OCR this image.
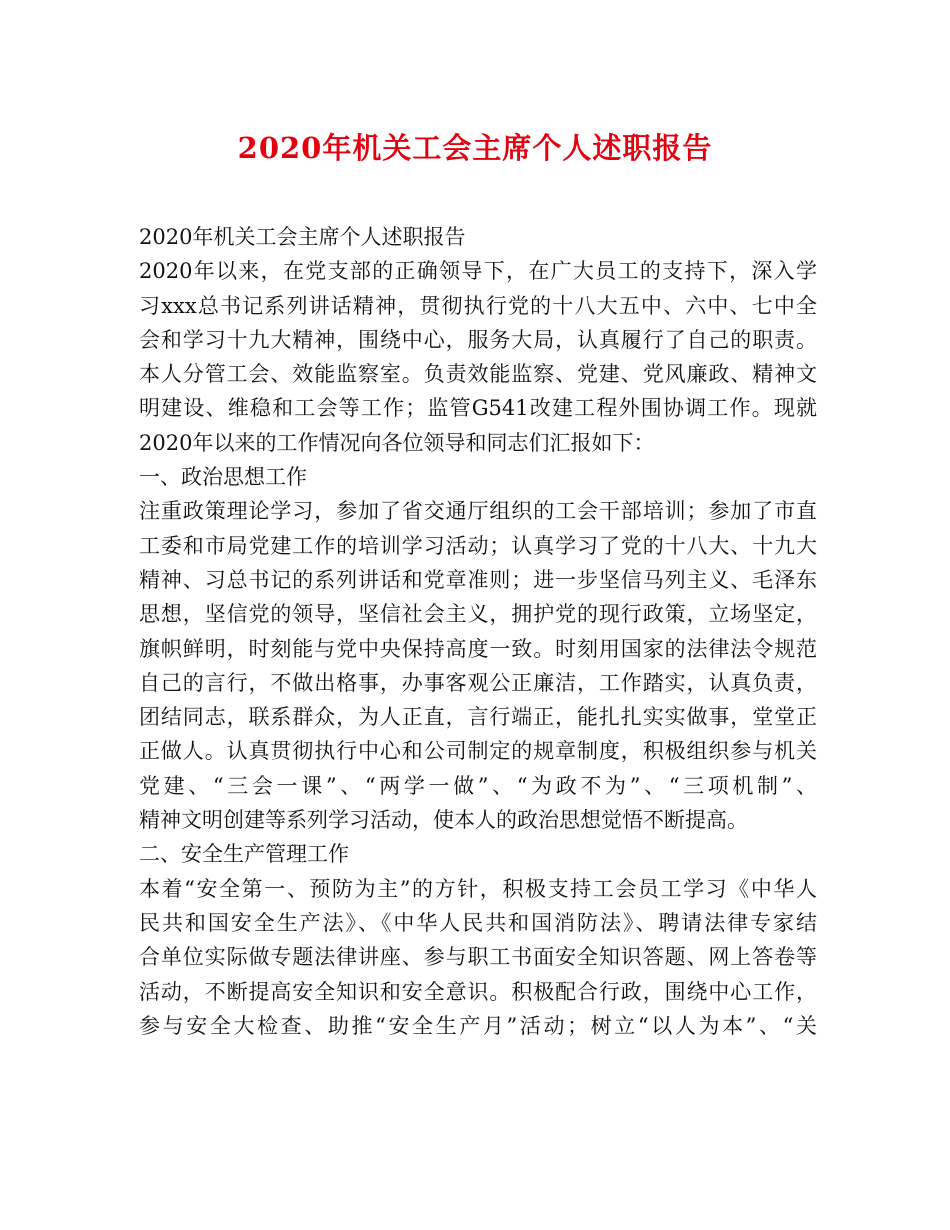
2020年机关工会主席个人述职报告
2020年机关工会主席个人述职报告
2020年以来，在党支部的正确领导下，在广大员工的支持下，深入学
习xxx总书记系列讲话精神，贯彻执行党的十八大五中、六中、七中全
会和学习十九大精神，围绕中心，服务大局，认真履行了自己的职责。
本人分管工会、效能监察室。负责效能监察、党建、党风廉政、精神文
明建设、维稳和工会等工作；监管G541改建工程外围协调工作。现就
2020年以来的工作情况向各位领导和同志们汇报如下：
一、政治思想工作
注重政策理论学习，参加了省交通厅组织的工会干部培训；参加了市直
工委和市局党建工作的培训学习活动；认真学习了党的十八大、十九大
精神、习总书记的系列讲话和党章准则；进一步坚信马列主义、毛泽东
思想，坚信党的领导，坚信社会主义，拥护党的现行政策，立场坚定，
旗帜鲜明，时刻能与党中央保持高度一致。时刻用国家的法律法令规范
自己的言行，不做出格事，办事客观公正廉洁，工作踏实，认真负责，
团结同志，联系群众，为人正直，言行端正，能扎扎实实做事，堂堂正
正做人。认真贯彻执行中心和公司制定的规章制度，积极组织参与机关
党建、“三会一课”、“两学一做”、“为政不为”、“三项机制”、
精神文明创建等系列学习活动，使本人的政治思想觉悟不断提高。
二、安全生产管理工作
本着“安全第一、预防为主”的方针，积极支持工会员工学习《中华人
民共和国安全生产法》、《中华人民共和国消防法》、聘请法律专家结
合单位实际做专题法律讲座、参与职工书面安全知识答题、网上答卷等
活动，不断提高安全知识和安全意识。积极配合行政，围绕中心工作，
参与安全大检查、助推“安全生产月”活动；树立“以人为本”、“关
